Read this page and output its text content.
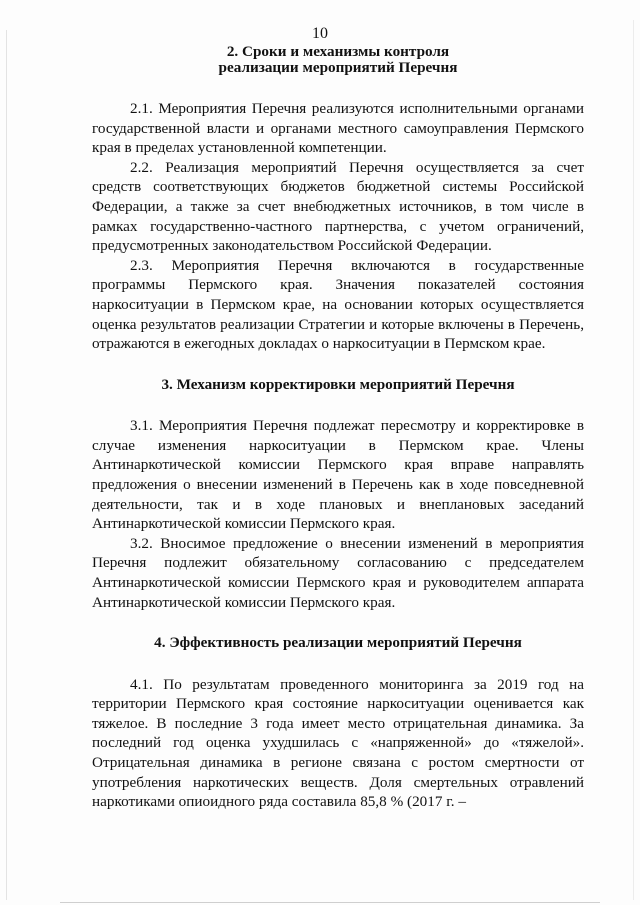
10
2. Сроки и механизмы контроля
реализации мероприятий Перечня

2.1. Мероприятия Перечня реализуются исполнительными органами государственной власти и органами местного самоуправления Пермского края в пределах установленной компетенции.

2.2. Реализация мероприятий Перечня осуществляется за счет средств соответствующих бюджетов бюджетной системы Российской Федерации, а также за счет внебюджетных источников, в том числе в рамках государственно-частного партнерства, с учетом ограничений, предусмотренных законодательством Российской Федерации.

2.3. Мероприятия Перечня включаются в государственные программы Пермского края. Значения показателей состояния наркоситуации в Пермском крае, на основании которых осуществляется оценка результатов реализации Стратегии и которые включены в Перечень, отражаются в ежегодных докладах о наркоситуации в Пермском крае.

3. Механизм корректировки мероприятий Перечня

3.1. Мероприятия Перечня подлежат пересмотру и корректировке в случае изменения наркоситуации в Пермском крае. Члены Антинаркотической комиссии Пермского края вправе направлять предложения о внесении изменений в Перечень как в ходе повседневной деятельности, так и в ходе плановых и внеплановых заседаний Антинаркотической комиссии Пермского края.

3.2. Вносимое предложение о внесении изменений в мероприятия Перечня подлежит обязательному согласованию с председателем Антинаркотической комиссии Пермского края и руководителем аппарата Антинаркотической комиссии Пермского края.

4. Эффективность реализации мероприятий Перечня

4.1. По результатам проведенного мониторинга за 2019 год на территории Пермского края состояние наркоситуации оценивается как тяжелое. В последние 3 года имеет место отрицательная динамика. За последний год оценка ухудшилась с «напряженной» до «тяжелой». Отрицательная динамика в регионе связана с ростом смертности от употребления наркотических веществ. Доля смертельных отравлений наркотиками опиоидного ряда составила 85,8 % (2017 г. –
